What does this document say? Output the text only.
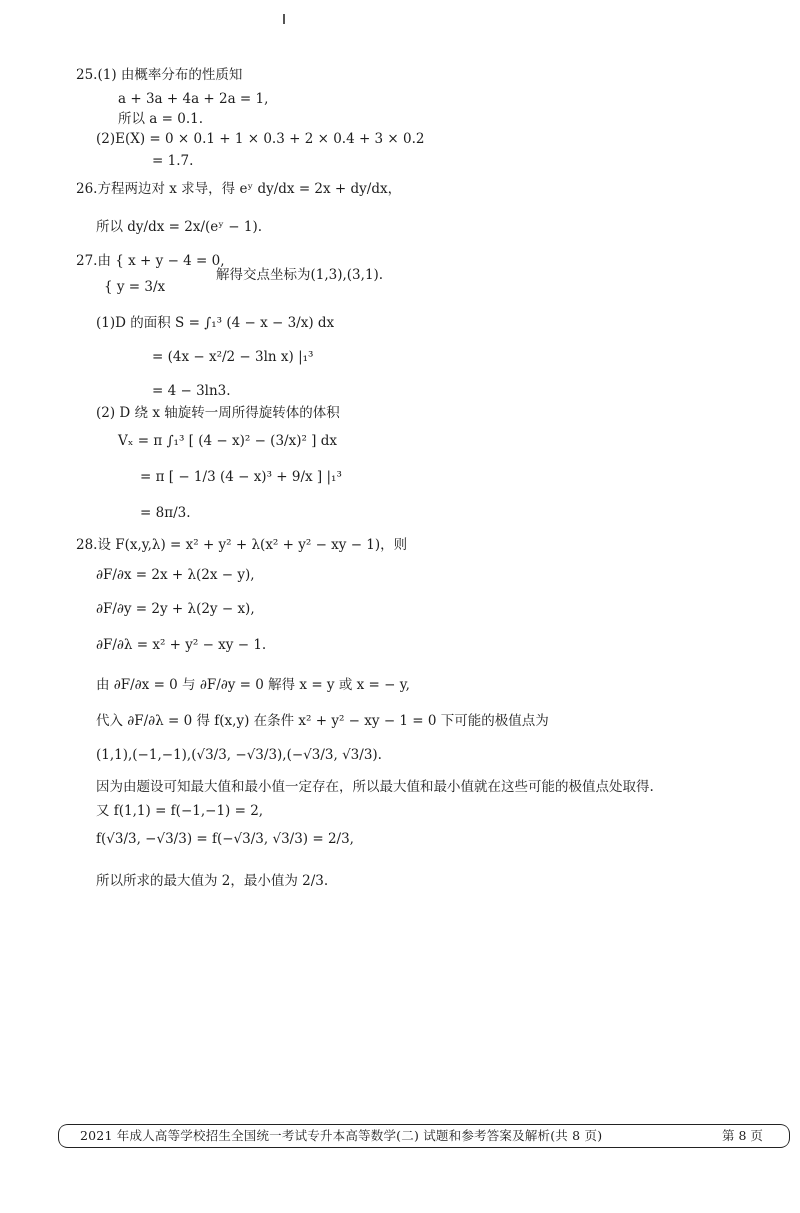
25.(1) 由概率分布的性质知
a + 3a + 4a + 2a = 1,
所以 a = 0.1.
(2)E(X) = 0 × 0.1 + 1 × 0.3 + 2 × 0.4 + 3 × 0.2
= 1.7.
26.方程两边对 x 求导，得 eʸ dy/dx = 2x + dy/dx，
所以 dy/dx = 2x/(eʸ − 1).
27.由 { x + y − 4 = 0,
解得交点坐标为(1,3),(3,1).
{ y = 3/x
(1)D 的面积 S = ∫₁³ (4 − x − 3/x) dx
= (4x − x²/2 − 3ln x) |₁³
= 4 − 3ln3.
(2) D 绕 x 轴旋转一周所得旋转体的体积
Vₓ = π ∫₁³ [ (4 − x)² − (3/x)² ] dx
= π [ − 1/3 (4 − x)³ + 9/x ] |₁³
= 8π/3.
28.设 F(x,y,λ) = x² + y² + λ(x² + y² − xy − 1)，则
∂F/∂x = 2x + λ(2x − y),
∂F/∂y = 2y + λ(2y − x),
∂F/∂λ = x² + y² − xy − 1.
由 ∂F/∂x = 0 与 ∂F/∂y = 0 解得 x = y 或 x = − y,
代入 ∂F/∂λ = 0 得 f(x,y) 在条件 x² + y² − xy − 1 = 0 下可能的极值点为
(1,1),(−1,−1),(√3/3, −√3/3),(−√3/3, √3/3).
因为由题设可知最大值和最小值一定存在，所以最大值和最小值就在这些可能的极值点处取得.
又 f(1,1) = f(−1,−1) = 2,
f(√3/3, −√3/3) = f(−√3/3, √3/3) = 2/3,
所以所求的最大值为 2，最小值为 2/3.
2021 年成人高等学校招生全国统一考试专升本高等数学(二) 试题和参考答案及解析(共 8 页)	第 8 页
